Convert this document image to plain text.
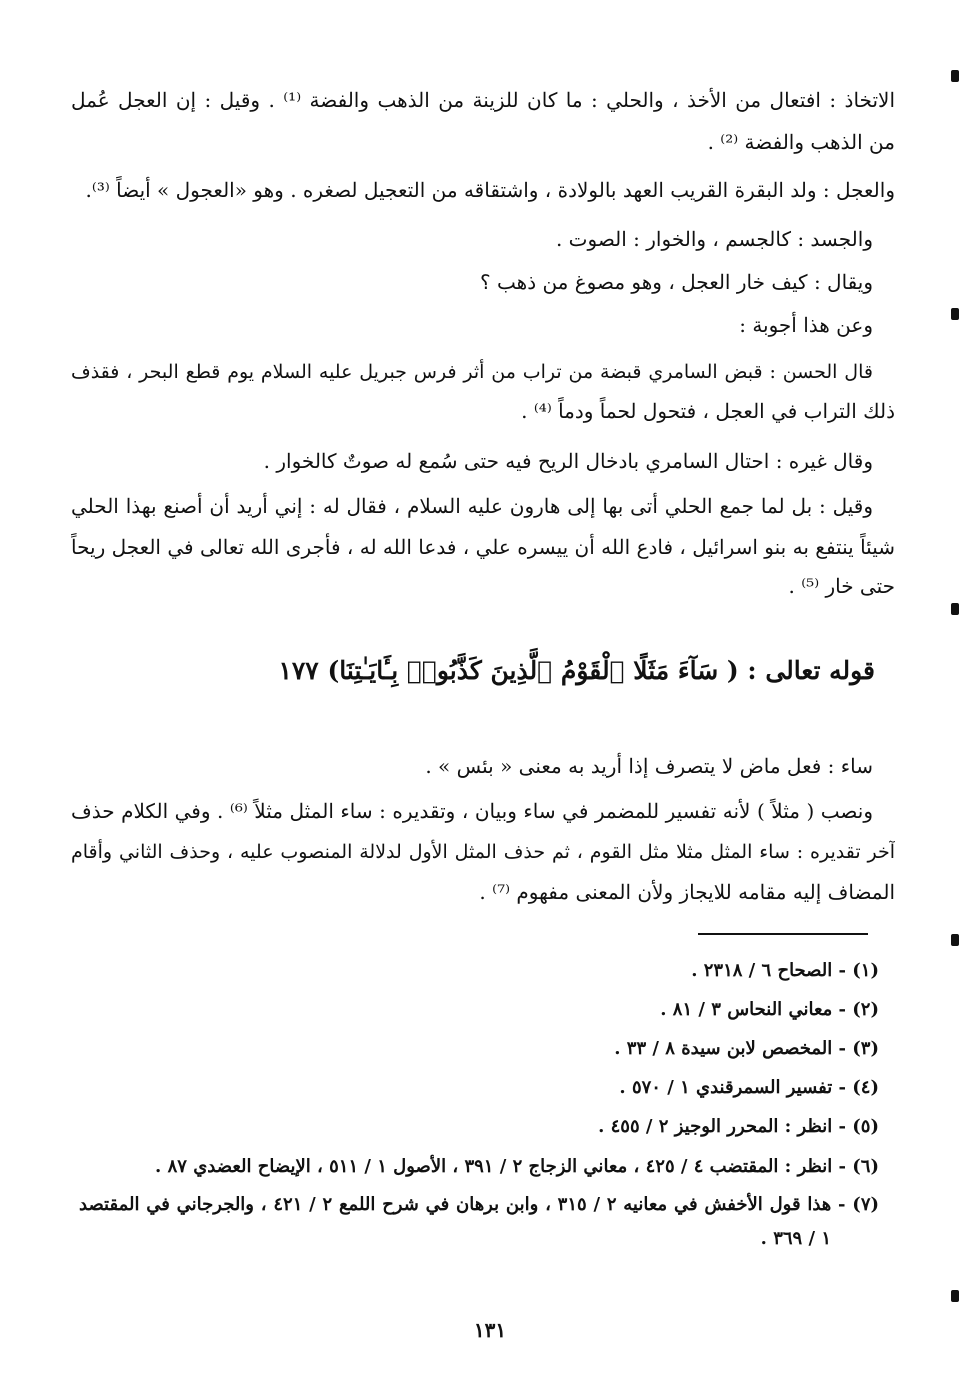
الاتخاذ : افتعال من الأخذ ، والحلي : ما كان للزينة من الذهب والفضة ⁽¹⁾ . وقيل : إن العجل عُمل
من الذهب والفضة ⁽²⁾ .
والعجل : ولد البقرة القريب العهد بالولادة ، واشتقاقه من التعجيل لصغره . وهو «العجول » أيضاً ⁽³⁾.
والجسد : كالجسم ، والخوار : الصوت .
ويقال : كيف خار العجل ، وهو مصوغ من ذهب ؟
وعن هذا أجوبة :
قال الحسن : قبض السامري قبضة من تراب من أثر فرس جبريل عليه السلام يوم قطع البحر ، فقذف
ذلك التراب في العجل ، فتحول لحماً ودماً ⁽⁴⁾ .
وقال غيره : احتال السامري بادخال الريح فيه حتى سُمع له صوتٌ كالخوار .
وقيل : بل لما جمع الحلي أتى بها إلى هارون عليه السلام ، فقال له : إني أريد أن أصنع بهذا الحلي
شيئاً ينتفع به بنو اسرائيل ، فادع الله أن ييسره علي ، فدعا الله له ، فأجرى الله تعالى في العجل ريحاً
حتى خار ⁽⁵⁾ .
قوله تعالى : ( سَآءَ مَثَلًا ٱلْقَوْمُ ٱلَّذِينَ كَذَّبُوا۟ بِـَٔايَـٰتِنَا) ١٧٧
ساء : فعل ماض لا يتصرف إذا أريد به معنى « بئس » .
ونصب ( مثلاً ) لأنه تفسير للمضمر في ساء وبيان ، وتقديره : ساء المثل مثلاً ⁽⁶⁾ . وفي الكلام حذف
آخر تقديره : ساء المثل مثلا مثل القوم ، ثم حذف المثل الأول لدلالة المنصوب عليه ، وحذف الثاني وأقام
المضاف إليه مقامه للايجاز ولأن المعنى مفهوم ⁽⁷⁾ .
(١) - الصحاح ٦ / ٢٣١٨ .
(٢) - معاني النحاس ٣ / ٨١ .
(٣) - المخصص لابن سيدة ٨ / ٣٣ .
(٤) - تفسير السمرقندي ١ / ٥٧٠ .
(٥) - انظر : المحرر الوجيز ٢ / ٤٥٥ .
(٦) - انظر : المقتضب ٤ / ٤٢٥ ، معاني الزجاج ٢ / ٣٩١ ، الأصول ١ / ٥١١ ، الإيضاح العضدي ٨٧ .
(٧) - هذا قول الأخفش في معانيه ٢ / ٣١٥ ، وابن برهان في شرح اللمع ٢ / ٤٢١ ، والجرجاني في المقتصد
١ / ٣٦٩ .
١٣١
